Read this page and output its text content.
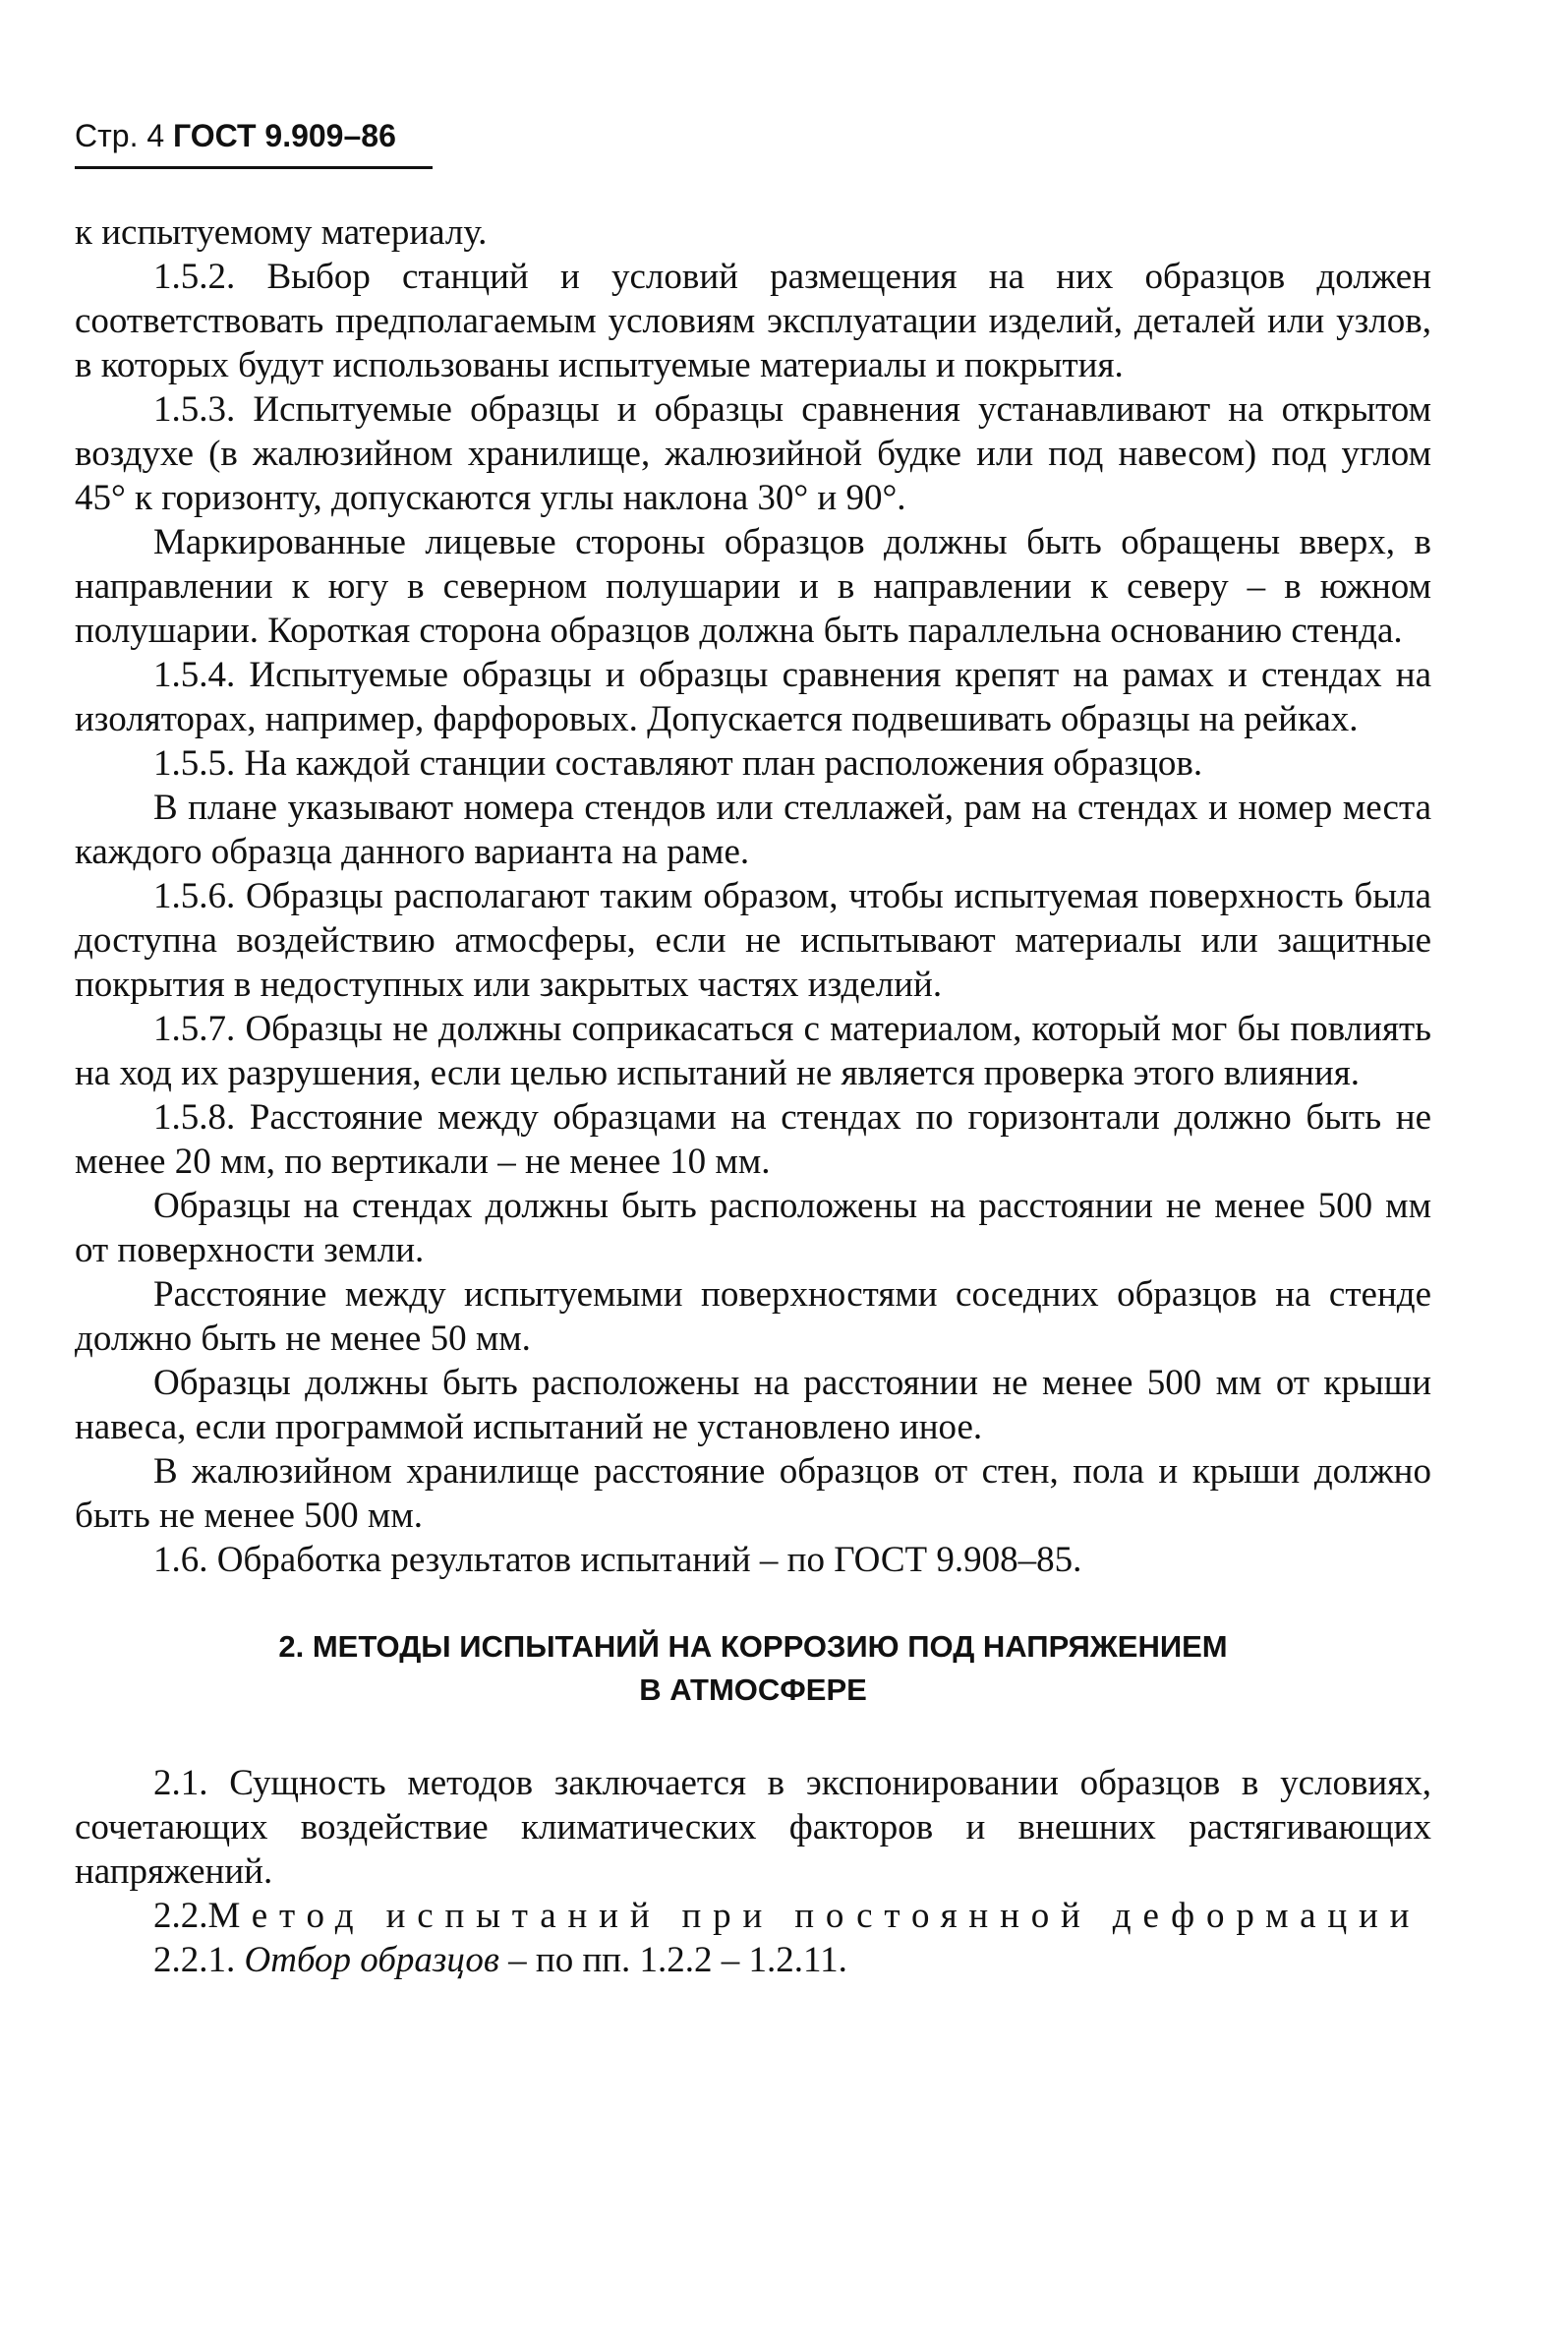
Стр. 4 ГОСТ 9.909–86

к испытуемому материалу.

1.5.2. Выбор станций и условий размещения на них образцов должен соответствовать предполагаемым условиям эксплуатации изделий, деталей или узлов, в которых будут использованы испытуемые материалы и покрытия.

1.5.3. Испытуемые образцы и образцы сравнения устанавливают на открытом воздухе (в жалюзийном хранилище, жалюзийной будке или под навесом) под углом 45° к горизонту, допускаются углы наклона 30° и 90°.

Маркированные лицевые стороны образцов должны быть обращены вверх, в направлении к югу в северном полушарии и в направлении к северу – в южном полушарии. Короткая сторона образцов должна быть параллельна основанию стенда.

1.5.4. Испытуемые образцы и образцы сравнения крепят на рамах и стендах на изоляторах, например, фарфоровых. Допускается подвешивать образцы на рейках.

1.5.5. На каждой станции составляют план расположения образцов.

В плане указывают номера стендов или стеллажей, рам на стендах и номер места каждого образца данного варианта на раме.

1.5.6. Образцы располагают таким образом, чтобы испытуемая поверхность была доступна воздействию атмосферы, если не испытывают материалы или защитные покрытия в недоступных или закрытых частях изделий.

1.5.7. Образцы не должны соприкасаться с материалом, который мог бы повлиять на ход их разрушения, если целью испытаний не является проверка этого влияния.

1.5.8. Расстояние между образцами на стендах по горизонтали должно быть не менее 20 мм, по вертикали – не менее 10 мм.

Образцы на стендах должны быть расположены на расстоянии не менее 500 мм от поверхности земли.

Расстояние между испытуемыми поверхностями соседних образцов на стенде должно быть не менее 50 мм.

Образцы должны быть расположены на расстоянии не менее 500 мм от крыши навеса, если программой испытаний не установлено иное.

В жалюзийном хранилище расстояние образцов от стен, пола и крыши должно быть не менее 500 мм.

1.6. Обработка результатов испытаний – по ГОСТ 9.908–85.

2. МЕТОДЫ ИСПЫТАНИЙ НА КОРРОЗИЮ ПОД НАПРЯЖЕНИЕМ
В АТМОСФЕРЕ

2.1. Сущность методов заключается в экспонировании образцов в условиях, сочетающих воздействие климатических факторов и внешних растягивающих напряжений.

2.2.Метод испытаний при постоянной деформации

2.2.1. Отбор образцов – по пп. 1.2.2 – 1.2.11.
